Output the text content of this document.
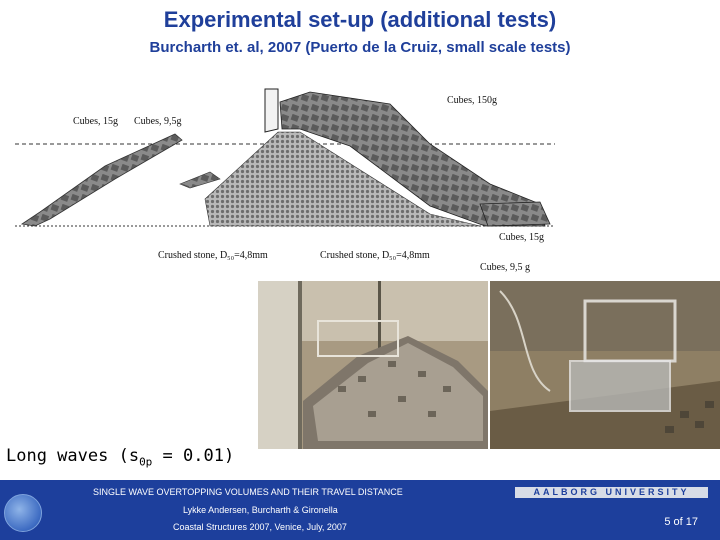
Experimental set-up (additional tests)
Burcharth et. al, 2007 (Puerto de la Cruiz, small scale tests)
Cubes, 15g Cubes, 9,5g
Cubes, 150g
Cubes, 15g
Crushed stone, D₅₀=4,8mm	Crushed stone, D₅₀=4,8mm
Cubes, 9,5 g
Long waves $(s_{0p} = 0.01)$
SINGLE WAVE OVERTOPPING VOLUMES AND THEIR TRAVEL DISTANCE
Lykke Andersen, Burcharth & Gironella
Coastal Structures 2007, Venice, July, 2007
AALBORG UNIVERSITY
5 of 17
